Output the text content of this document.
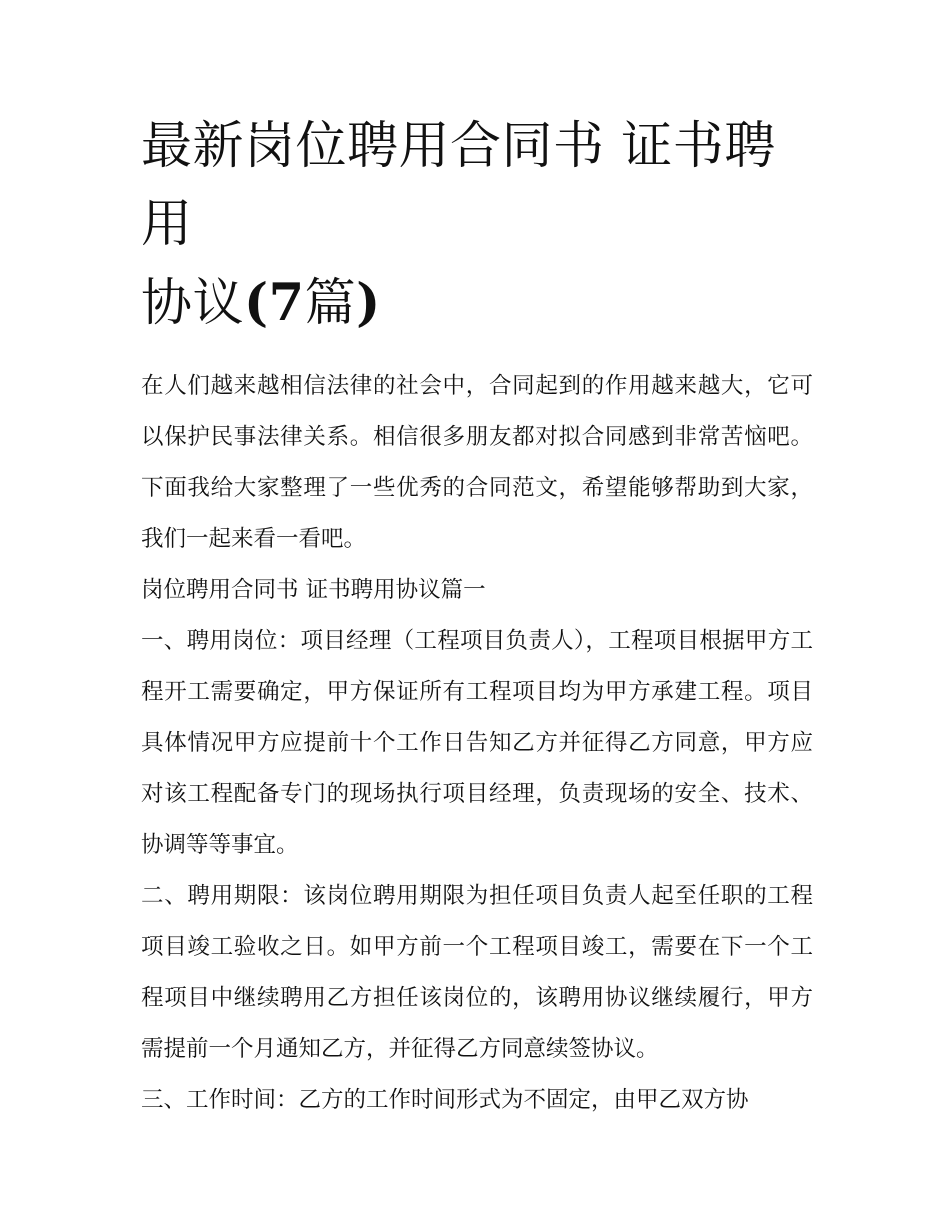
最新岗位聘用合同书 证书聘用
协议(7篇)

在人们越来越相信法律的社会中，合同起到的作用越来越大，它可以保护民事法律关系。相信很多朋友都对拟合同感到非常苦恼吧。下面我给大家整理了一些优秀的合同范文，希望能够帮助到大家，我们一起来看一看吧。

岗位聘用合同书 证书聘用协议篇一

一、聘用岗位：项目经理（工程项目负责人），工程项目根据甲方工程开工需要确定，甲方保证所有工程项目均为甲方承建工程。项目具体情况甲方应提前十个工作日告知乙方并征得乙方同意，甲方应对该工程配备专门的现场执行项目经理，负责现场的安全、技术、协调等等事宜。

二、聘用期限：该岗位聘用期限为担任项目负责人起至任职的工程项目竣工验收之日。如甲方前一个工程项目竣工，需要在下一个工程项目中继续聘用乙方担任该岗位的，该聘用协议继续履行，甲方需提前一个月通知乙方，并征得乙方同意续签协议。

三、工作时间：乙方的工作时间形式为不固定，由甲乙双方协
